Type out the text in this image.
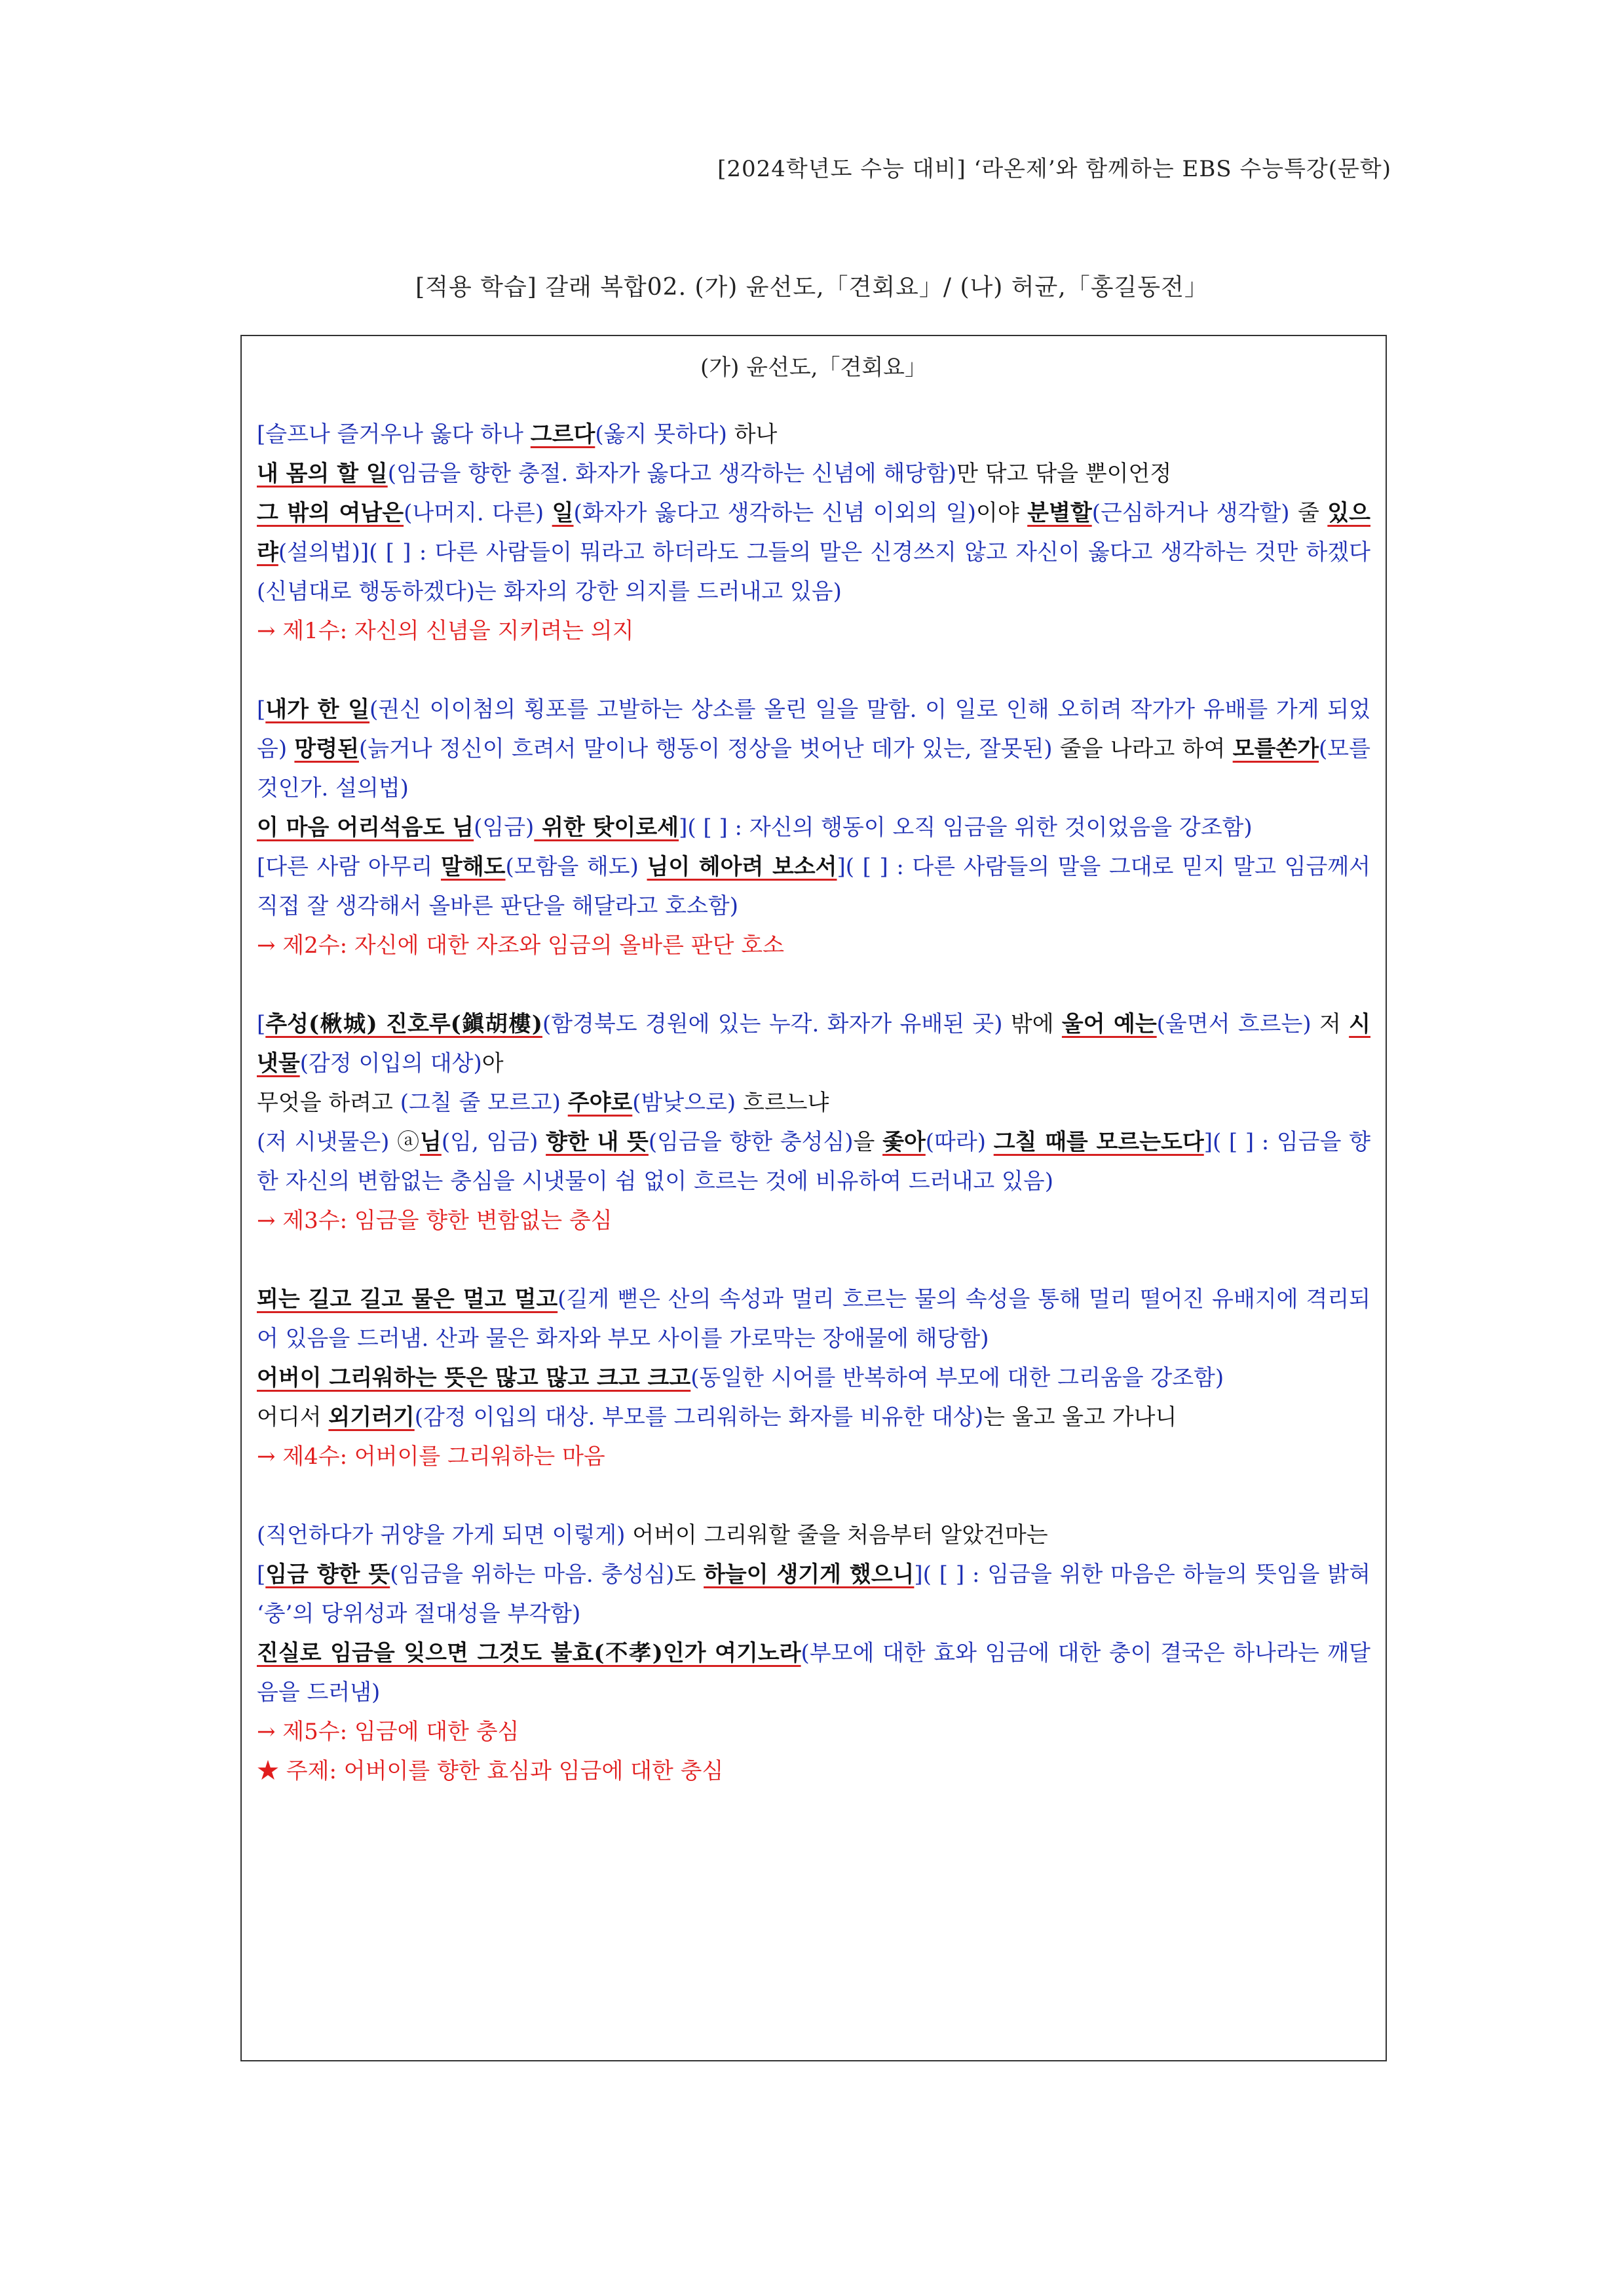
[2024학년도 수능 대비] ‘라온제’와 함께하는 EBS 수능특강(문학)
[적용 학습] 갈래 복합02. (가) 윤선도,「견회요」/ (나) 허균,「홍길동전」
(가) 윤선도,「견회요」

[슬프나 즐거우나 옳다 하나 그르다(옳지 못하다) 하나
내 몸의 할 일(임금을 향한 충절. 화자가 옳다고 생각하는 신념에 해당함)만 닦고 닦을 뿐이언정
그 밖의 여남은(나머지. 다른) 일(화자가 옳다고 생각하는 신념 이외의 일)이야 분별할(근심하거나 생각할) 줄 있으랴(설의법)]( [ ] : 다른 사람들이 뭐라고 하더라도 그들의 말은 신경쓰지 않고 자신이 옳다고 생각하는 것만 하겠다(신념대로 행동하겠다)는 화자의 강한 의지를 드러내고 있음)

→ 제1수: 자신의 신념을 지키려는 의지

[내가 한 일(권신 이이첨의 횡포를 고발하는 상소를 올린 일을 말함. 이 일로 인해 오히려 작가가 유배를 가게 되었음) 망령된(늙거나 정신이 흐려서 말이나 행동이 정상을 벗어난 데가 있는, 잘못된) 줄을 나라고 하여 모를쏜가(모를 것인가. 설의법)
이 마음 어리석음도 님(임금) 위한 탓이로세]( [ ] : 자신의 행동이 오직 임금을 위한 것이었음을 강조함)
[다른 사람 아무리 말해도(모함을 해도) 님이 헤아려 보소서]( [ ] : 다른 사람들의 말을 그대로 믿지 말고 임금께서 직접 잘 생각해서 올바른 판단을 해달라고 호소함)

→ 제2수: 자신에 대한 자조와 임금의 올바른 판단 호소

[추성(楸城) 진호루(鎭胡樓)(함경북도 경원에 있는 누각. 화자가 유배된 곳) 밖에 울어 예는(울면서 흐르는) 저 시냇물(감정 이입의 대상)아
무엇을 하려고 (그칠 줄 모르고) 주야로(밤낮으로) 흐르느냐
(저 시냇물은) ⓐ님(임, 임금) 향한 내 뜻(임금을 향한 충성심)을 좇아(따라) 그칠 때를 모르는도다]( [ ] : 임금을 향한 자신의 변함없는 충심을 시냇물이 쉼 없이 흐르는 것에 비유하여 드러내고 있음)

→ 제3수: 임금을 향한 변함없는 충심

뫼는 길고 길고 물은 멀고 멀고(길게 뻗은 산의 속성과 멀리 흐르는 물의 속성을 통해 멀리 떨어진 유배지에 격리되어 있음을 드러냄. 산과 물은 화자와 부모 사이를 가로막는 장애물에 해당함)
어버이 그리워하는 뜻은 많고 많고 크고 크고(동일한 시어를 반복하여 부모에 대한 그리움을 강조함)
어디서 외기러기(감정 이입의 대상. 부모를 그리워하는 화자를 비유한 대상)는 울고 울고 가나니

→ 제4수: 어버이를 그리워하는 마음

(직언하다가 귀양을 가게 되면 이렇게) 어버이 그리워할 줄을 처음부터 알았건마는
[임금 향한 뜻(임금을 위하는 마음. 충성심)도 하늘이 생기게 했으니]( [ ] : 임금을 위한 마음은 하늘의 뜻임을 밝혀 ‘충’의 당위성과 절대성을 부각함)
진실로 임금을 잊으면 그것도 불효(不孝)인가 여기노라(부모에 대한 효와 임금에 대한 충이 결국은 하나라는 깨달음을 드러냄)

→ 제5수: 임금에 대한 충심

★ 주제: 어버이를 향한 효심과 임금에 대한 충심
